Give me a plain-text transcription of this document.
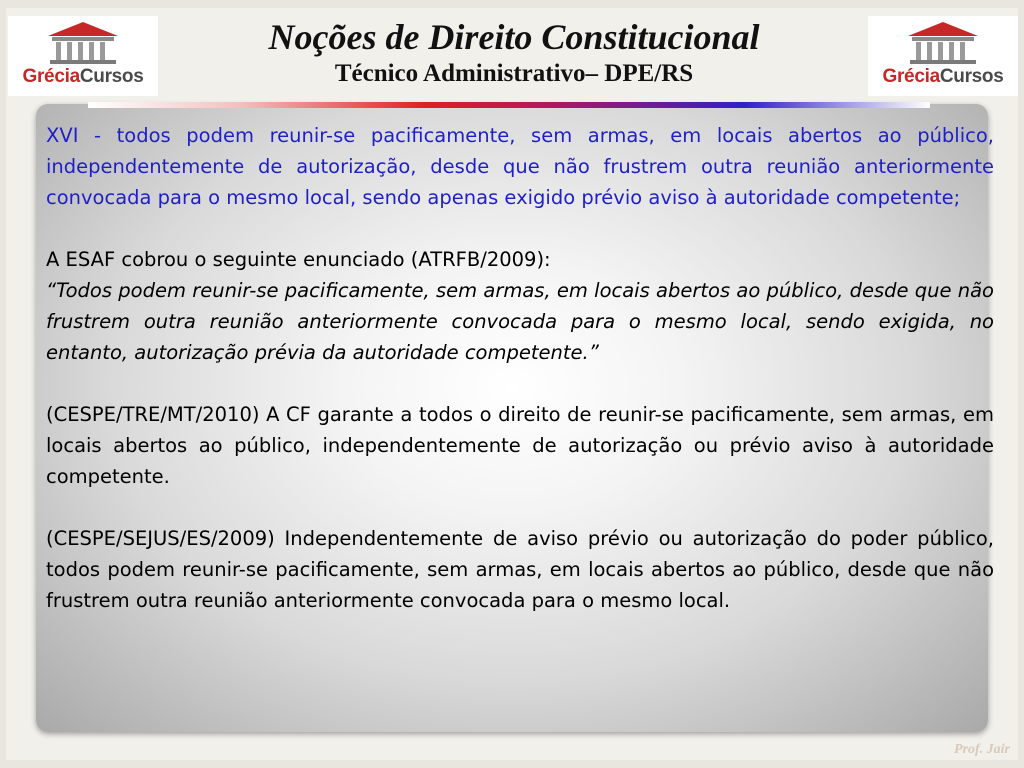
GréciaCursos	GréciaCursos
Noções de Direito Constitucional
Técnico Administrativo– DPE/RS

XVI - todos podem reunir-se pacificamente, sem armas, em locais abertos ao público, independentemente de autorização, desde que não frustrem outra reunião anteriormente convocada para o mesmo local, sendo apenas exigido prévio aviso à autoridade competente;

A ESAF cobrou o seguinte enunciado (ATRFB/2009):

“Todos podem reunir-se pacificamente, sem armas, em locais abertos ao público, desde que não frustrem outra reunião anteriormente convocada para o mesmo local, sendo exigida, no entanto, autorização prévia da autoridade competente.”

(CESPE/TRE/MT/2010) A CF garante a todos o direito de reunir-se pacificamente, sem armas, em locais abertos ao público, independentemente de autorização ou prévio aviso à autoridade competente.

(CESPE/SEJUS/ES/2009) Independentemente de aviso prévio ou autorização do poder público, todos podem reunir-se pacificamente, sem armas, em locais abertos ao público, desde que não frustrem outra reunião anteriormente convocada para o mesmo local.

Prof. Jair
